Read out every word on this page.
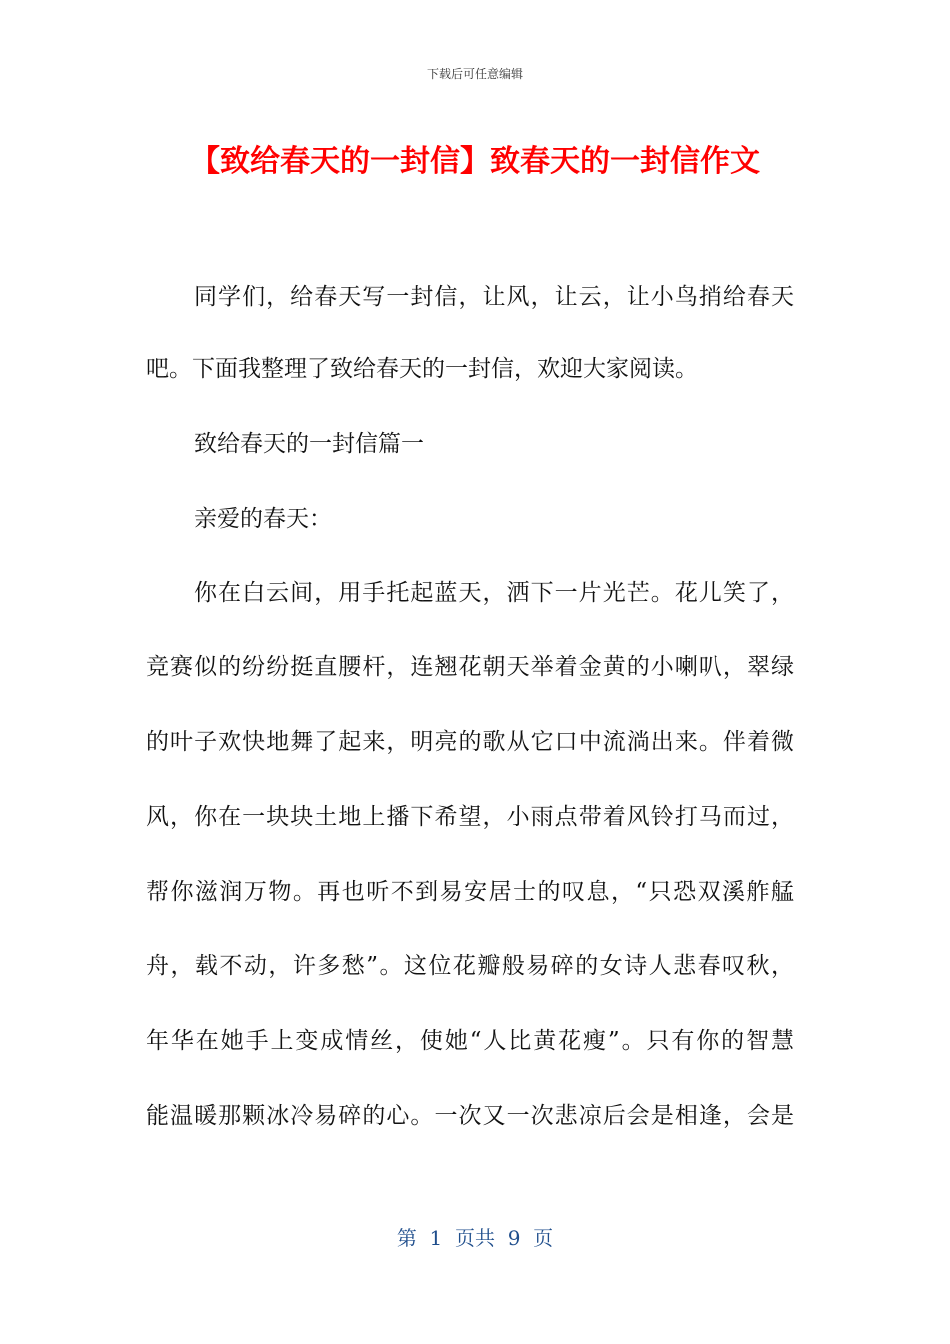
下载后可任意编辑
【致给春天的一封信】致春天的一封信作文
同学们，给春天写一封信，让风，让云，让小鸟捎给春天
吧。下面我整理了致给春天的一封信，欢迎大家阅读。
致给春天的一封信篇一
亲爱的春天：
你在白云间，用手托起蓝天，洒下一片光芒。花儿笑了，
竞赛似的纷纷挺直腰杆，连翘花朝天举着金黄的小喇叭，翠绿
的叶子欢快地舞了起来，明亮的歌从它口中流淌出来。伴着微
风，你在一块块土地上播下希望，小雨点带着风铃打马而过，
帮你滋润万物。再也听不到易安居士的叹息，“只恐双溪舴艋
舟，载不动，许多愁”。这位花瓣般易碎的女诗人悲春叹秋，
年华在她手上变成情丝，使她“人比黄花瘦”。只有你的智慧
能温暖那颗冰冷易碎的心。一次又一次悲凉后会是相逢，会是
第  1  页共  9  页
